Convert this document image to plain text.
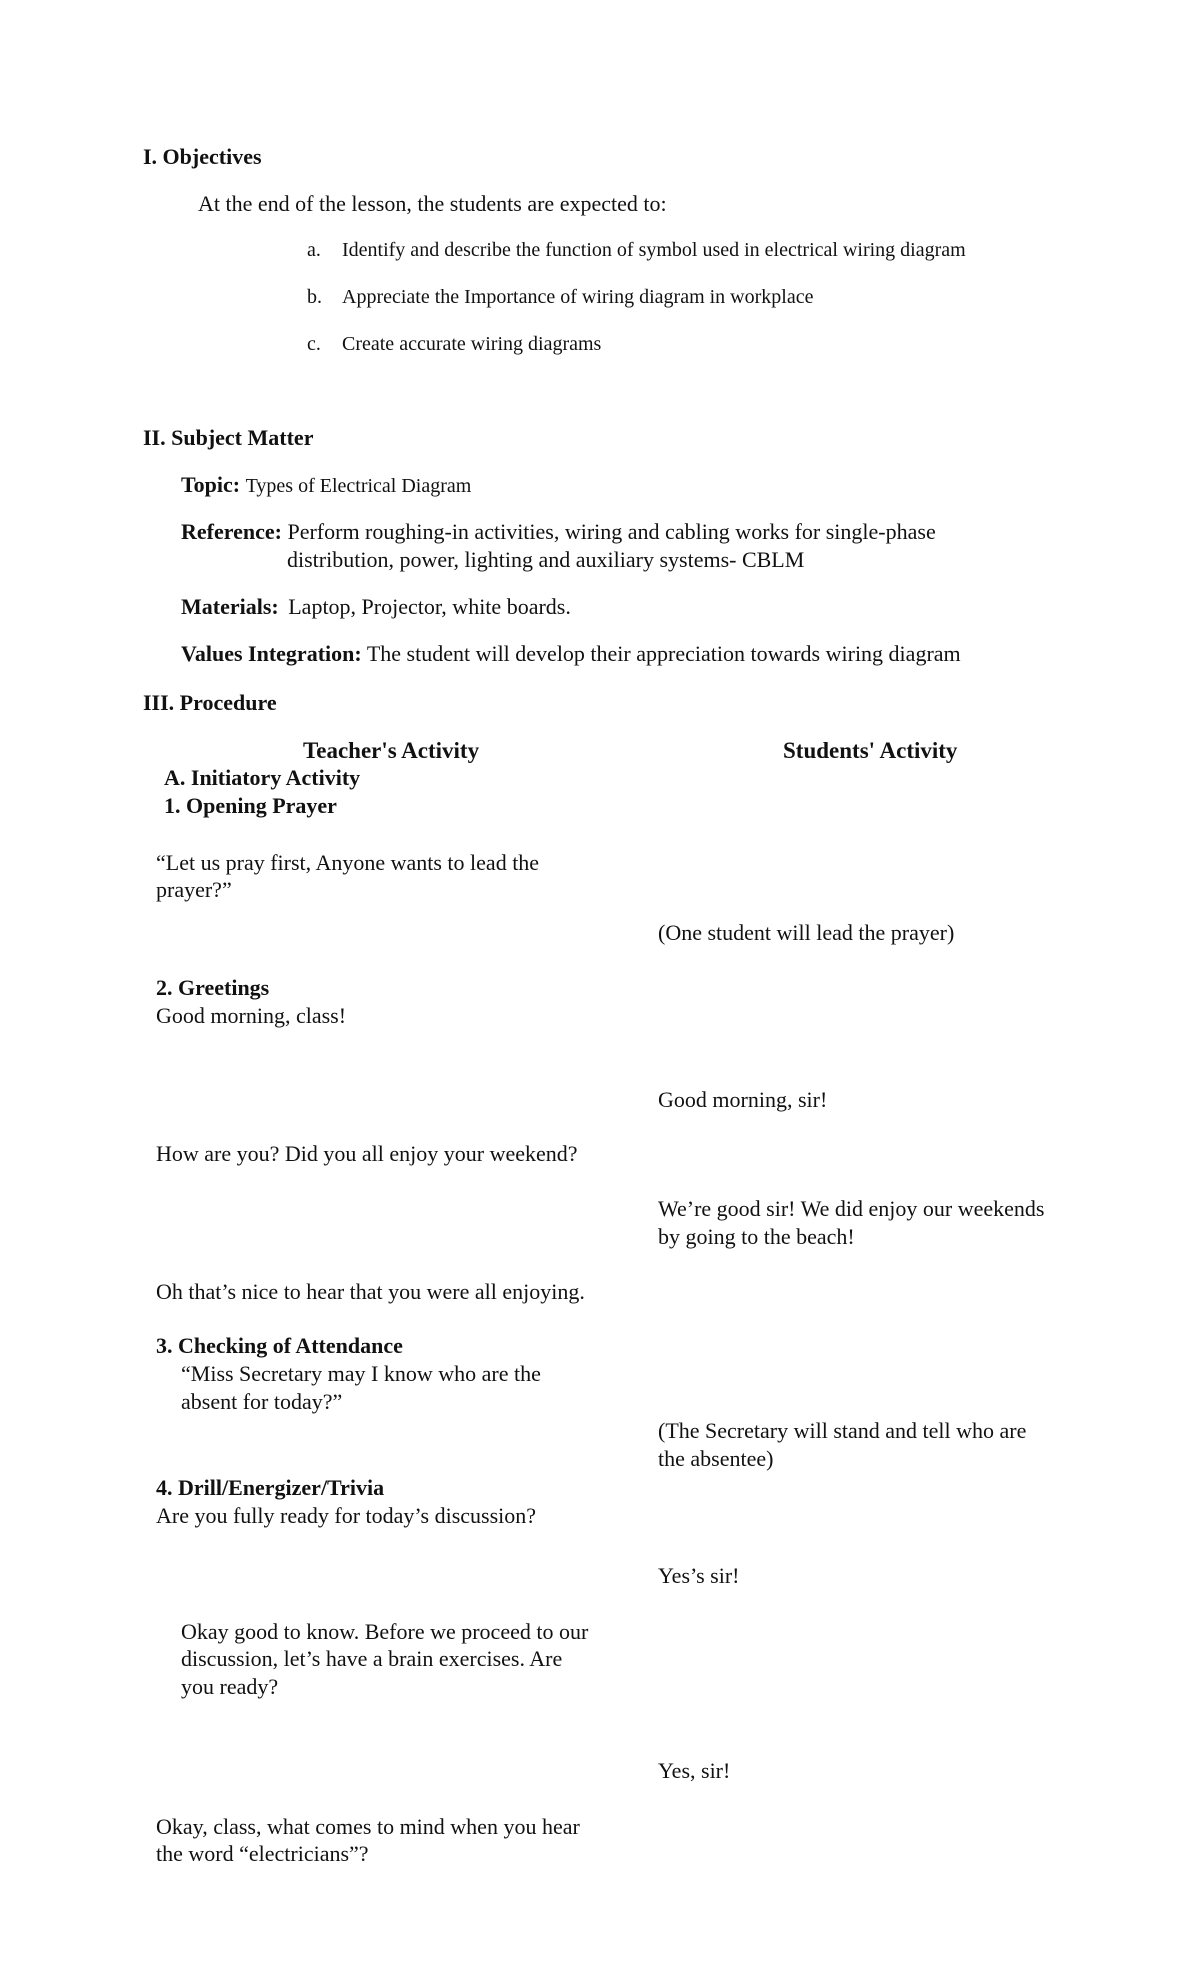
I. Objectives
At the end of the lesson, the students are expected to:
a. Identify and describe the function of symbol used in electrical wiring diagram
b. Appreciate the Importance of wiring diagram in workplace
c. Create accurate wiring diagrams
II. Subject Matter
Topic: Types of Electrical Diagram
Reference: Perform roughing-in activities, wiring and cabling works for single-phase
distribution, power, lighting and auxiliary systems- CBLM
Materials: Laptop, Projector, white boards.
Values Integration: The student will develop their appreciation towards wiring diagram
III. Procedure
Teacher's Activity	Students' Activity
A. Initiatory Activity
1. Opening Prayer
“Let us pray first, Anyone wants to lead the
prayer?”
(One student will lead the prayer)
2. Greetings
Good morning, class!
Good morning, sir!
How are you? Did you all enjoy your weekend?
We’re good sir! We did enjoy our weekends
by going to the beach!
Oh that’s nice to hear that you were all enjoying.
3. Checking of Attendance
“Miss Secretary may I know who are the
absent for today?”
(The Secretary will stand and tell who are
the absentee)
4. Drill/Energizer/Trivia
Are you fully ready for today’s discussion?
Yes’s sir!
Okay good to know. Before we proceed to our
discussion, let’s have a brain exercises. Are
you ready?
Yes, sir!
Okay, class, what comes to mind when you hear
the word “electricians”?
